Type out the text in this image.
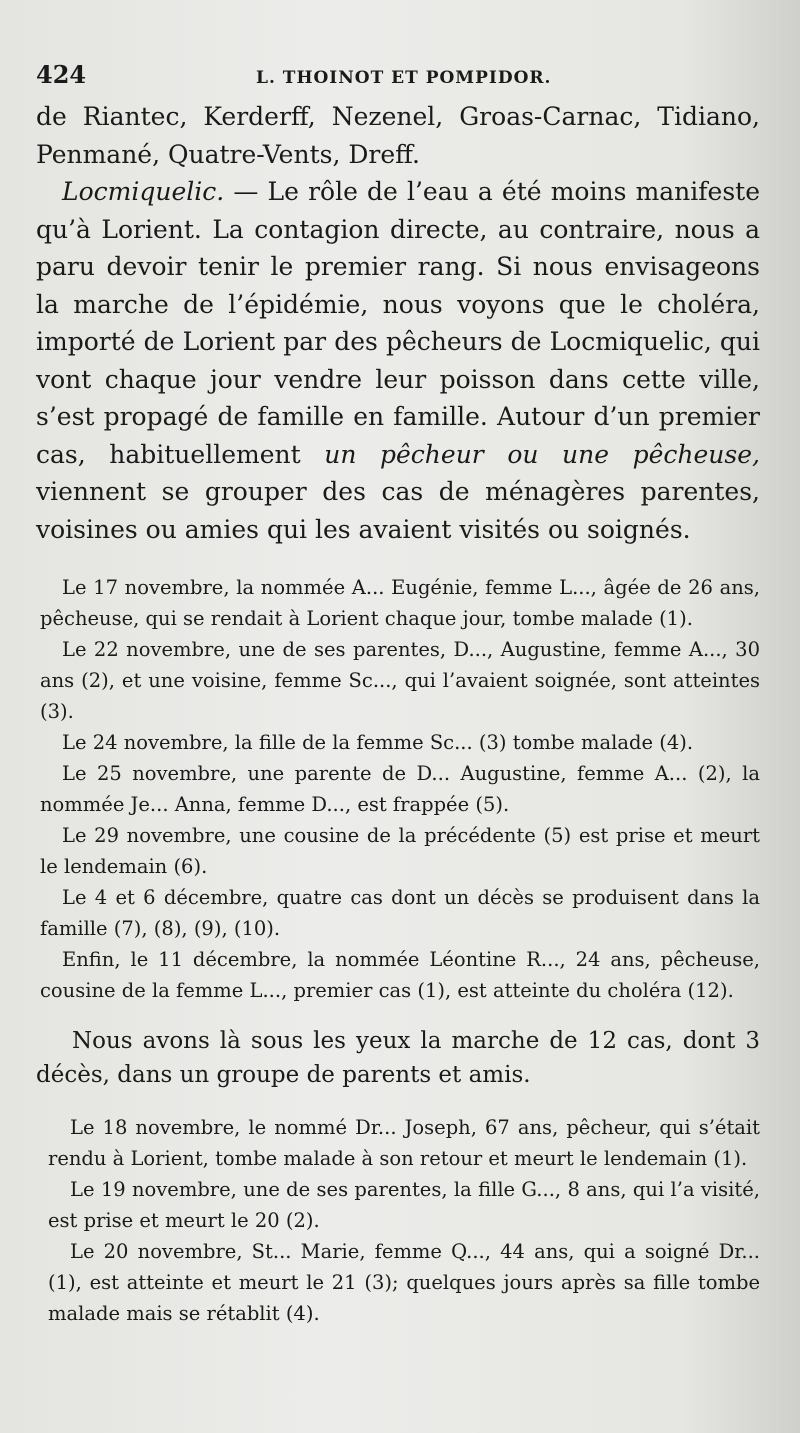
424	L. THOINOT ET POMPIDOR.

de Riantec, Kerderff, Nezenel, Groas-Carnac, Tidiano, Penmané, Quatre-Vents, Dreff.

Locmiquelic. — Le rôle de l’eau a été moins manifeste qu’à Lorient. La contagion directe, au contraire, nous a paru devoir tenir le premier rang. Si nous envisageons la marche de l’épidémie, nous voyons que le choléra, importé de Lorient par des pêcheurs de Locmiquelic, qui vont chaque jour vendre leur poisson dans cette ville, s’est propagé de famille en famille. Autour d’un premier cas, habituellement un pêcheur ou une pêcheuse, viennent se grouper des cas de ménagères parentes, voisines ou amies qui les avaient visités ou soignés.

Le 17 novembre, la nommée A... Eugénie, femme L..., âgée de 26 ans, pêcheuse, qui se rendait à Lorient chaque jour, tombe malade (1).

Le 22 novembre, une de ses parentes, D..., Augustine, femme A..., 30 ans (2), et une voisine, femme Sc..., qui l’avaient soignée, sont atteintes (3).

Le 24 novembre, la fille de la femme Sc... (3) tombe malade (4).

Le 25 novembre, une parente de D... Augustine, femme A... (2), la nommée Je... Anna, femme D..., est frappée (5).

Le 29 novembre, une cousine de la précédente (5) est prise et meurt le lendemain (6).

Le 4 et 6 décembre, quatre cas dont un décès se produisent dans la famille (7), (8), (9), (10).

Enfin, le 11 décembre, la nommée Léontine R..., 24 ans, pêcheuse, cousine de la femme L..., premier cas (1), est atteinte du choléra (12).

Nous avons là sous les yeux la marche de 12 cas, dont 3 décès, dans un groupe de parents et amis.

Le 18 novembre, le nommé Dr... Joseph, 67 ans, pêcheur, qui s’était rendu à Lorient, tombe malade à son retour et meurt le lendemain (1).

Le 19 novembre, une de ses parentes, la fille G..., 8 ans, qui l’a visité, est prise et meurt le 20 (2).

Le 20 novembre, St... Marie, femme Q..., 44 ans, qui a soigné Dr... (1), est atteinte et meurt le 21 (3); quelques jours après sa fille tombe malade mais se rétablit (4).
